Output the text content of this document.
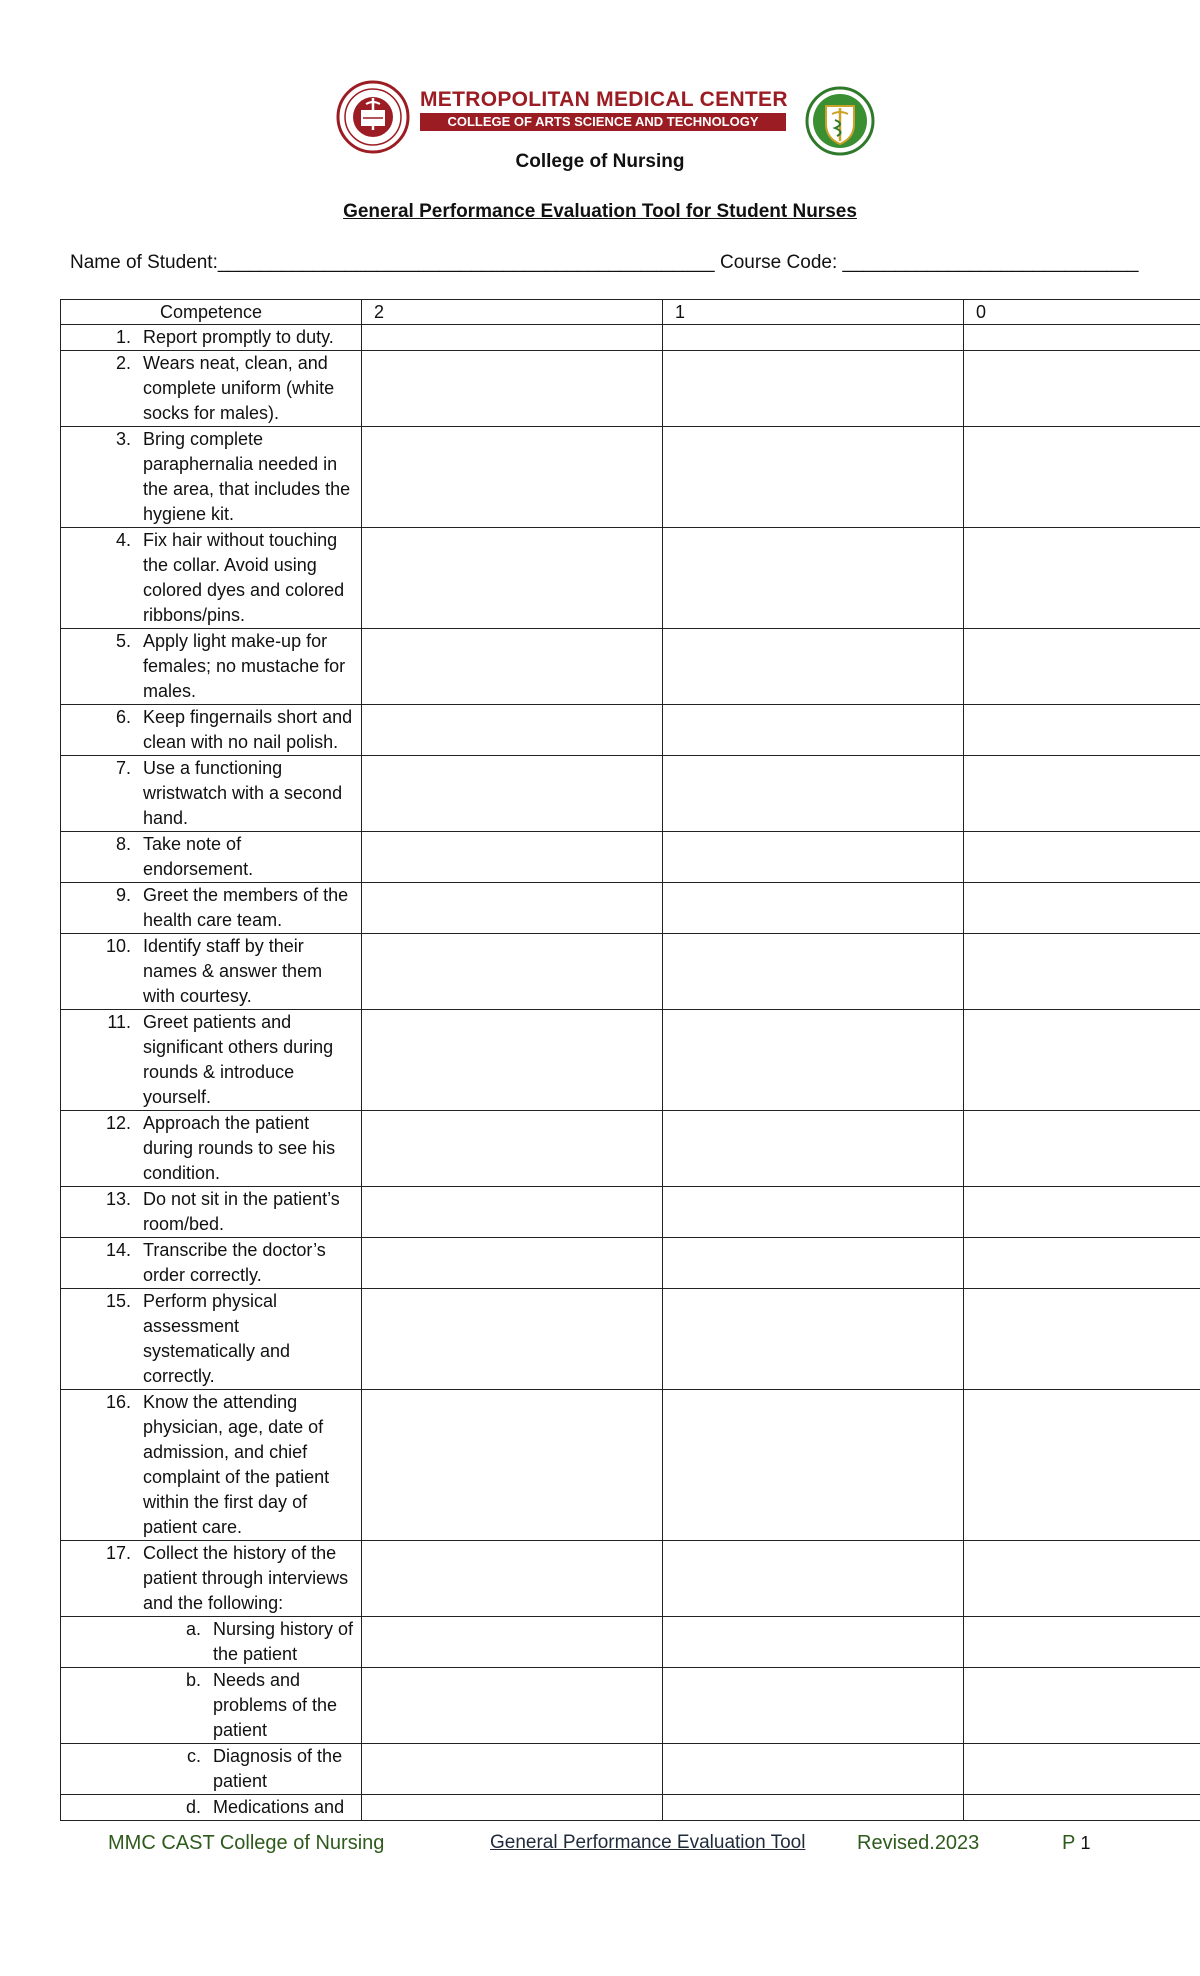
METROPOLITAN MEDICAL CENTER
COLLEGE OF ARTS SCIENCE AND TECHNOLOGY
College of Nursing
General Performance Evaluation Tool for Student Nurses
Name of Student:_______________________________________________ Course Code: ____________________________
Competence	2	1	0

1. Report promptly to duty.			

2. Wears neat, clean, and complete uniform (white socks for males).			

3. Bring complete paraphernalia needed in the area, that includes the hygiene kit.			

4. Fix hair without touching the collar. Avoid using colored dyes and colored ribbons/pins.			

5. Apply light make-up for females; no mustache for males.			

6. Keep fingernails short and clean with no nail polish.			

7. Use a functioning wristwatch with a second hand.			

8. Take note of endorsement.			

9. Greet the members of the health care team.			

10. Identify staff by their names & answer them with courtesy.			

11. Greet patients and significant others during rounds & introduce yourself.			

12. Approach the patient during rounds to see his condition.			

13. Do not sit in the patient’s room/bed.			

14. Transcribe the doctor’s order correctly.			

15. Perform physical assessment systematically and correctly.			

16. Know the attending physician, age, date of admission, and chief complaint of the patient within the first day of patient care.			

17. Collect the history of the patient through interviews and the following:			

a. Nursing history of the patient			

b. Needs and problems of the patient			

c. Diagnosis of the patient			

d. Medications and			

MMC CAST College of Nursing	General Performance Evaluation Tool	Revised.2023	P 1
